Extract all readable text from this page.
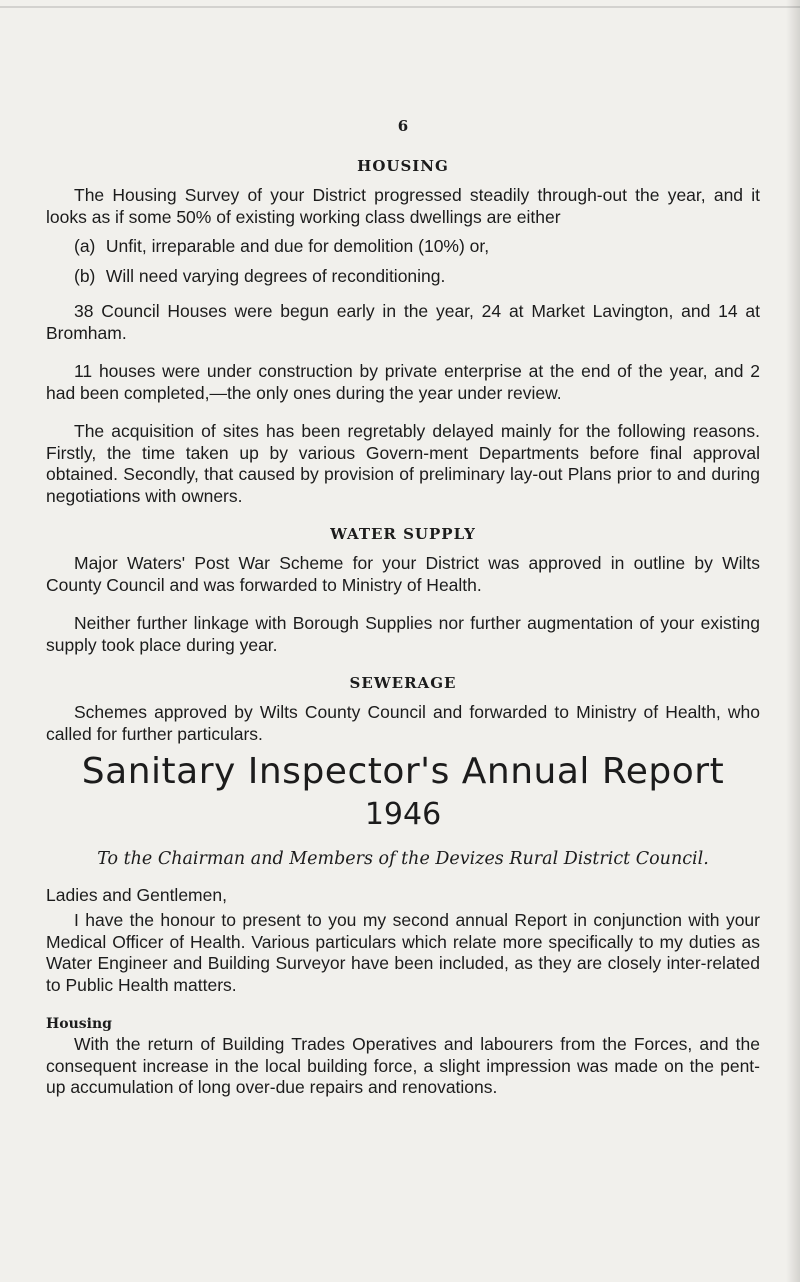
6
HOUSING

The Housing Survey of your District progressed steadily through-out the year, and it looks as if some 50% of existing working class dwellings are either

(a) Unfit, irreparable and due for demolition (10%) or,
(b) Will need varying degrees of reconditioning.

38 Council Houses were begun early in the year, 24 at Market Lavington, and 14 at Bromham.

11 houses were under construction by private enterprise at the end of the year, and 2 had been completed,—the only ones during the year under review.

The acquisition of sites has been regretably delayed mainly for the following reasons. Firstly, the time taken up by various Govern-ment Departments before final approval obtained. Secondly, that caused by provision of preliminary lay-out Plans prior to and during negotiations with owners.

WATER SUPPLY

Major Waters' Post War Scheme for your District was approved in outline by Wilts County Council and was forwarded to Ministry of Health.

Neither further linkage with Borough Supplies nor further augmentation of your existing supply took place during year.

SEWERAGE

Schemes approved by Wilts County Council and forwarded to Ministry of Health, who called for further particulars.

Sanitary Inspector's Annual Report
1946
To the Chairman and Members of the Devizes Rural District Council.
Ladies and Gentlemen,

I have the honour to present to you my second annual Report in conjunction with your Medical Officer of Health. Various particulars which relate more specifically to my duties as Water Engineer and Building Surveyor have been included, as they are closely inter-related to Public Health matters.

Housing

With the return of Building Trades Operatives and labourers from the Forces, and the consequent increase in the local building force, a slight impression was made on the pent-up accumulation of long over-due repairs and renovations.
